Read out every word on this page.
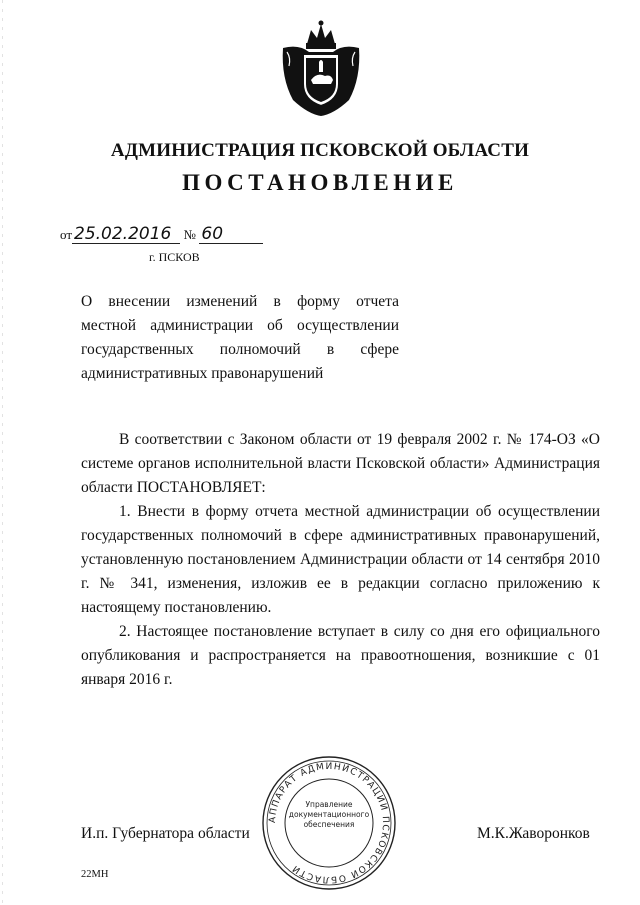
АДМИНИСТРАЦИЯ ПСКОВСКОЙ ОБЛАСТИ
ПОСТАНОВЛЕНИЕ
от 25.02.2016 № 60
г. ПСКОВ
О внесении изменений в форму отчета
местной администрации об осуществлении
государственных полномочий в сфере
административных правонарушений

В соответствии с Законом области от 19 февраля 2002 г. № 174-ОЗ «О системе органов исполнительной власти Псковской области» Администрация области ПОСТАНОВЛЯЕТ:

1. Внести в форму отчета местной администрации об осуществлении государственных полномочий в сфере административных правонарушений, установленную постановлением Администрации области от 14 сентября 2010 г. № 341, изменения, изложив ее в редакции согласно приложению к настоящему постановлению.

2. Настоящее постановление вступает в силу со дня его официального опубликования и распространяется на правоотношения, возникшие с 01 января 2016 г.

И.п. Губернатора области	М.К.Жаворонков
АППАРАТ АДМИНИСТРАЦИИ ПСКОВСКОЙ ОБЛАСТИ
Управление документационного обеспечения
22МН
